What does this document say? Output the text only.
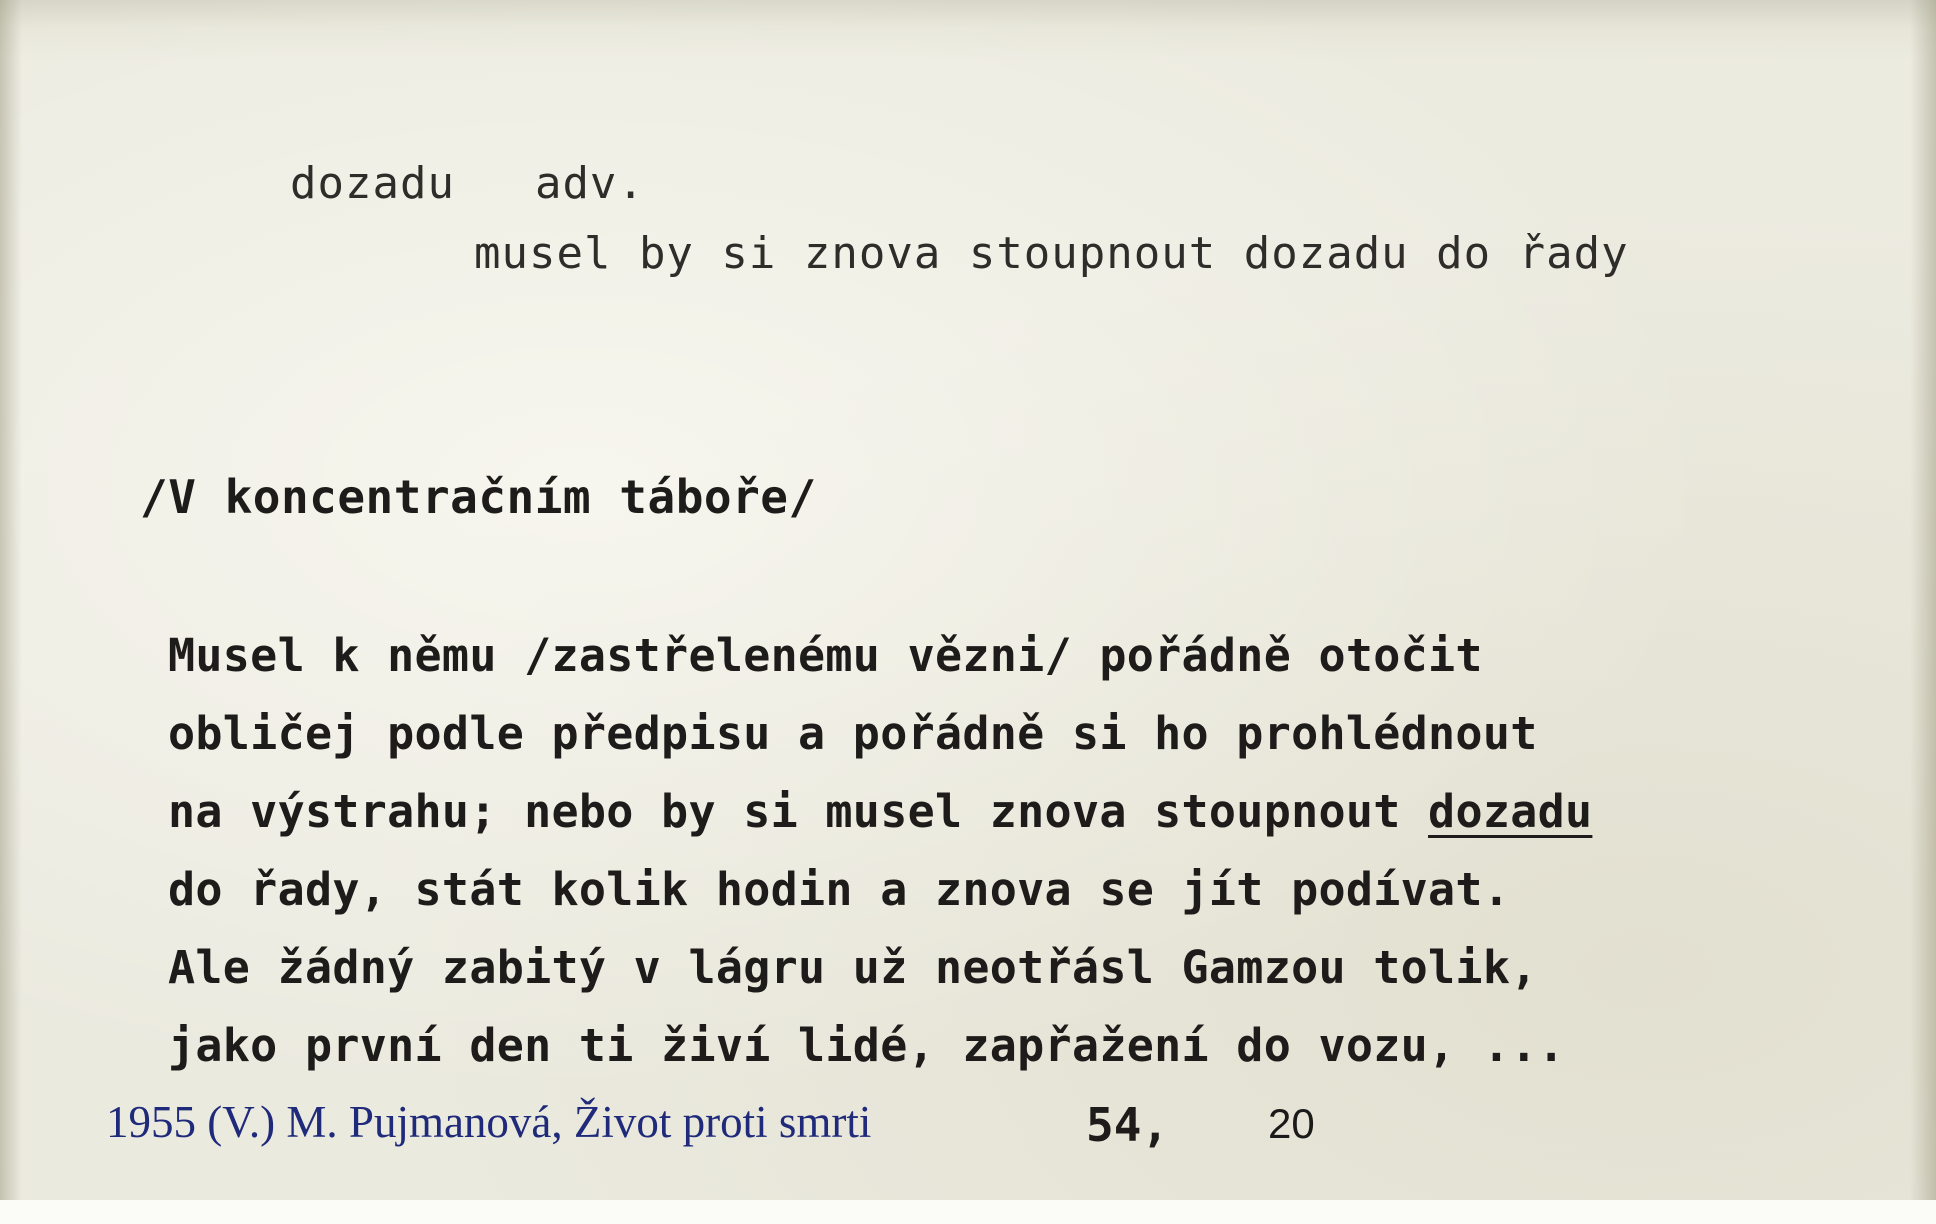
dozadu adv.

musel by si znova stoupnout dozadu do řady

/V koncentračním táboře/

Musel k němu /zastřelenému vězni/ pořádně otočit
obličej podle předpisu a pořádně si ho prohlédnout
na výstrahu; nebo by si musel znova stoupnout dozadu
do řady, stát kolik hodin a znova se jít podívat.
Ale žádný zabitý v lágru už neotřásl Gamzou tolik,
jako první den ti živí lidé, zapřažení do vozu, ...

1955 (V.) M. Pujmanová, Život proti smrti	54, 20
